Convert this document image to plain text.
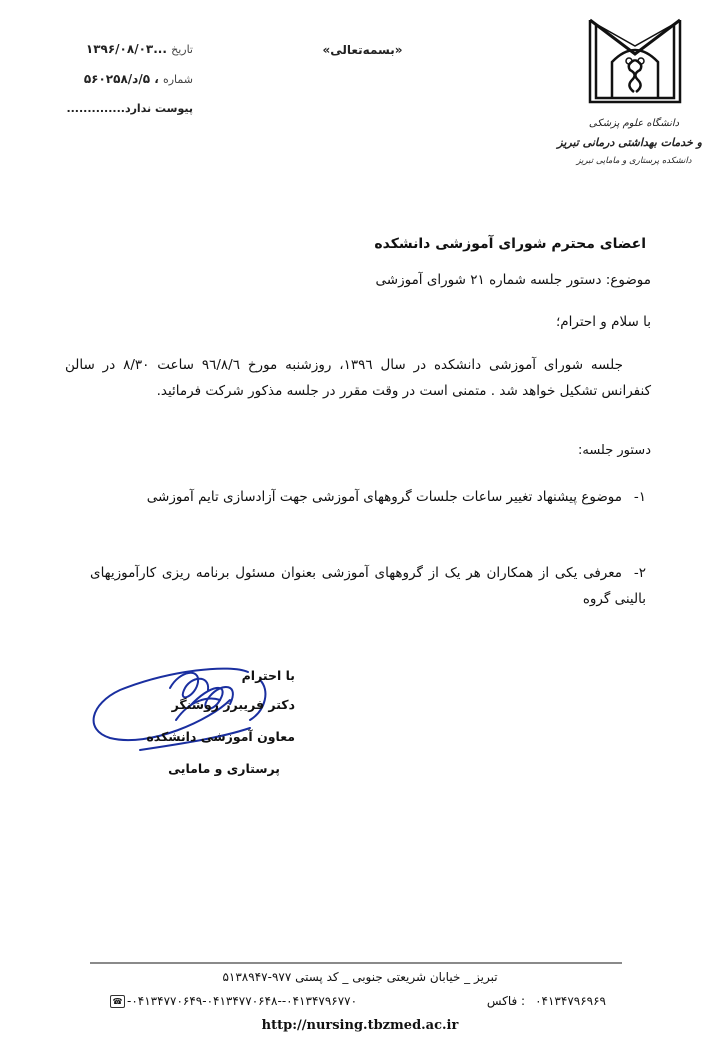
تاریخ ...۱۳۹۶/۰۸/۰۳
شماره ، ۵/د/۵۶۰۲۵۸
پیوست ندارد..............
«بسمه‌تعالی»
دانشگاه علوم پزشکی
و خدمات بهداشتی درمانی تبریز
دانشکده پرستاری و مامایی تبریز
اعضای محترم شورای آموزشی دانشکده
موضوع: دستور جلسه شماره ۲۱ شورای آموزشی
با سلام و احترام؛
جلسه شورای آموزشی دانشکده در سال ۱۳۹٦، روزشنبه مورخ ۹٦/۸/٦ ساعت ۸/۳۰ در سالن کنفرانس تشکیل خواهد شد . متمنی است در وقت مقرر در جلسه مذکور شرکت فرمائید.
دستور جلسه:
۱-موضوع پیشنهاد تغییر ساعات جلسات گروههای آموزشی جهت آزادسازی تایم آموزشی
۲-معرفی یکی از همکاران هر یک از گروههای آموزشی بعنوان مسئول برنامه ریزی کارآموزیهای بالینی گروه
با احترام
دکتر فریبرز روشنگر
معاون آموزشی دانشکده
پرستاری و مامایی
تبریز _ خیابان شریعتی جنوبی _ کد پستی ۹۷۷-۵۱۳۸۹۴۷
۰۴۱۳۴۷۹۶۹۶۹
: فاکس
۰۴۱۳۴۷۹۶۷۷۰--۰۴۱۳۴۷۷۰۶۴۹-۰۴۱۳۴۷۷۰۶۴۸-
☎
http://nursing.tbzmed.ac.ir
